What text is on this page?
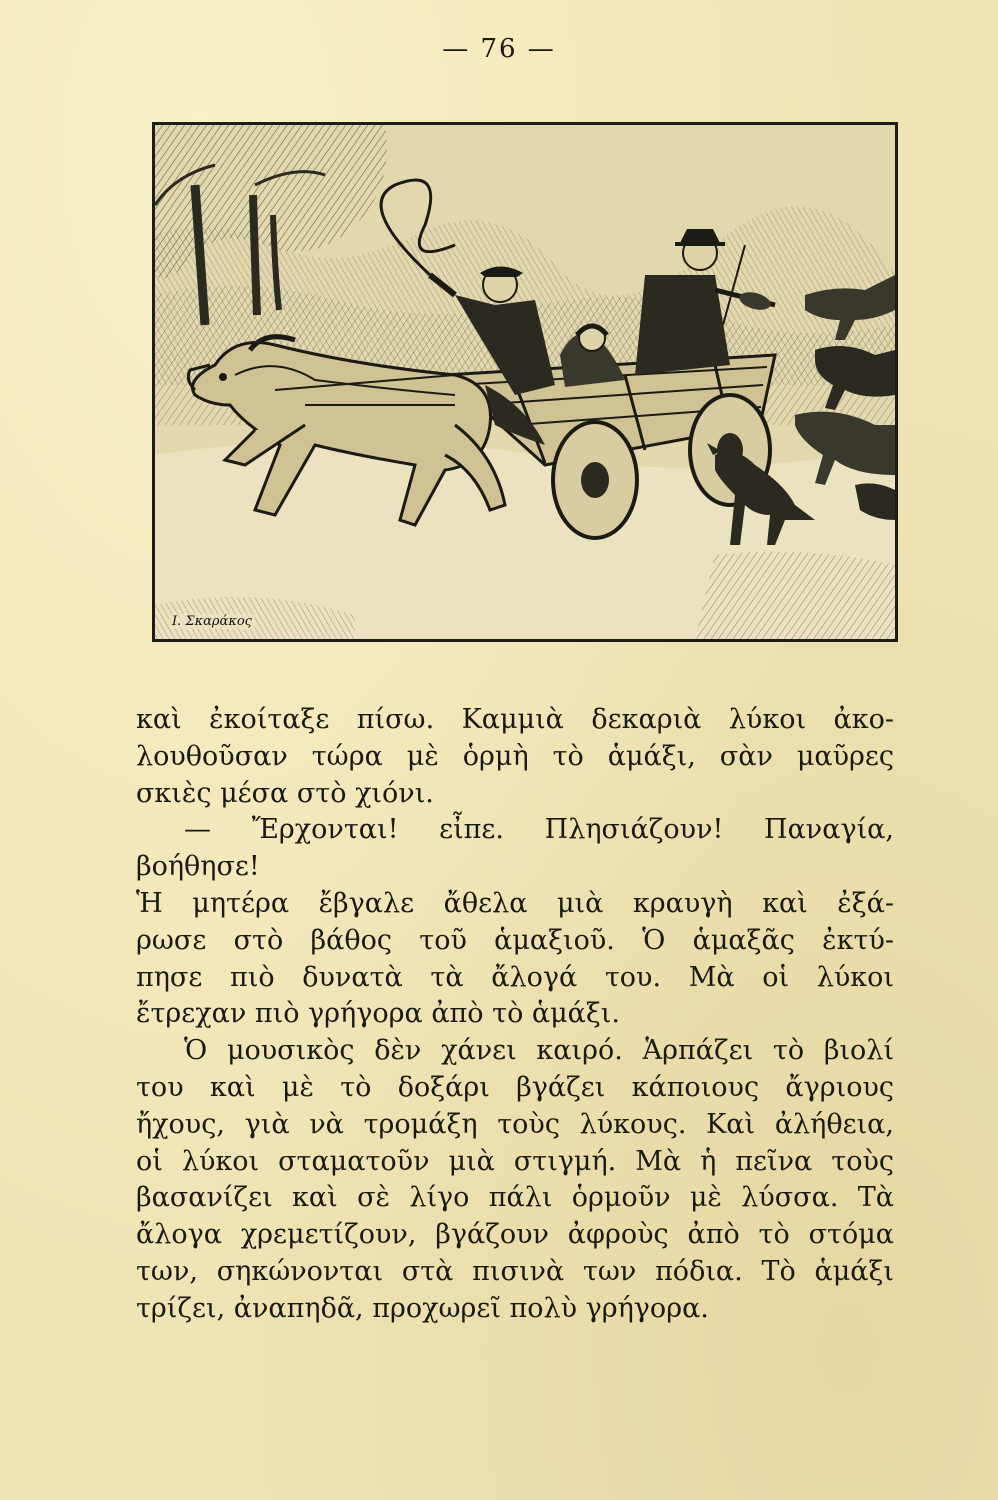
— 76 —
Ι. Σκαράκος

καὶ ἐκοίταξε πίσω. Καμμιὰ δεκαριὰ λύκοι ἀκο-
λουθοῦσαν τώρα μὲ ὁρμὴ τὸ ἁμάξι, σὰν μαῦρες
σκιὲς μέσα στὸ χιόνι.

— Ἔρχονται! εἶπε. Πλησιάζουν! Παναγία,
βοήθησε!

Ἡ μητέρα ἔβγαλε ἄθελα μιὰ κραυγὴ καὶ ἐξά-
ρωσε στὸ βάθος τοῦ ἁμαξιοῦ. Ὁ ἁμαξᾶς ἐκτύ-
πησε πιὸ δυνατὰ τὰ ἄλογά του. Μὰ οἱ λύκοι
ἔτρεχαν πιὸ γρήγορα ἀπὸ τὸ ἁμάξι.

Ὁ μουσικὸς δὲν χάνει καιρό. Ἁρπάζει τὸ βιολί
του καὶ μὲ τὸ δοξάρι βγάζει κάποιους ἄγριους
ἤχους, γιὰ νὰ τρομάξη τοὺς λύκους. Καὶ ἀλήθεια,
οἱ λύκοι σταματοῦν μιὰ στιγμή. Μὰ ἡ πεῖνα τοὺς
βασανίζει καὶ σὲ λίγο πάλι ὁρμοῦν μὲ λύσσα. Τὰ
ἄλογα χρεμετίζουν, βγάζουν ἀφροὺς ἀπὸ τὸ στόμα
των, σηκώνονται στὰ πισινὰ των πόδια. Τὸ ἁμάξι
τρίζει, ἀναπηδᾶ, προχωρεῖ πολὺ γρήγορα.
